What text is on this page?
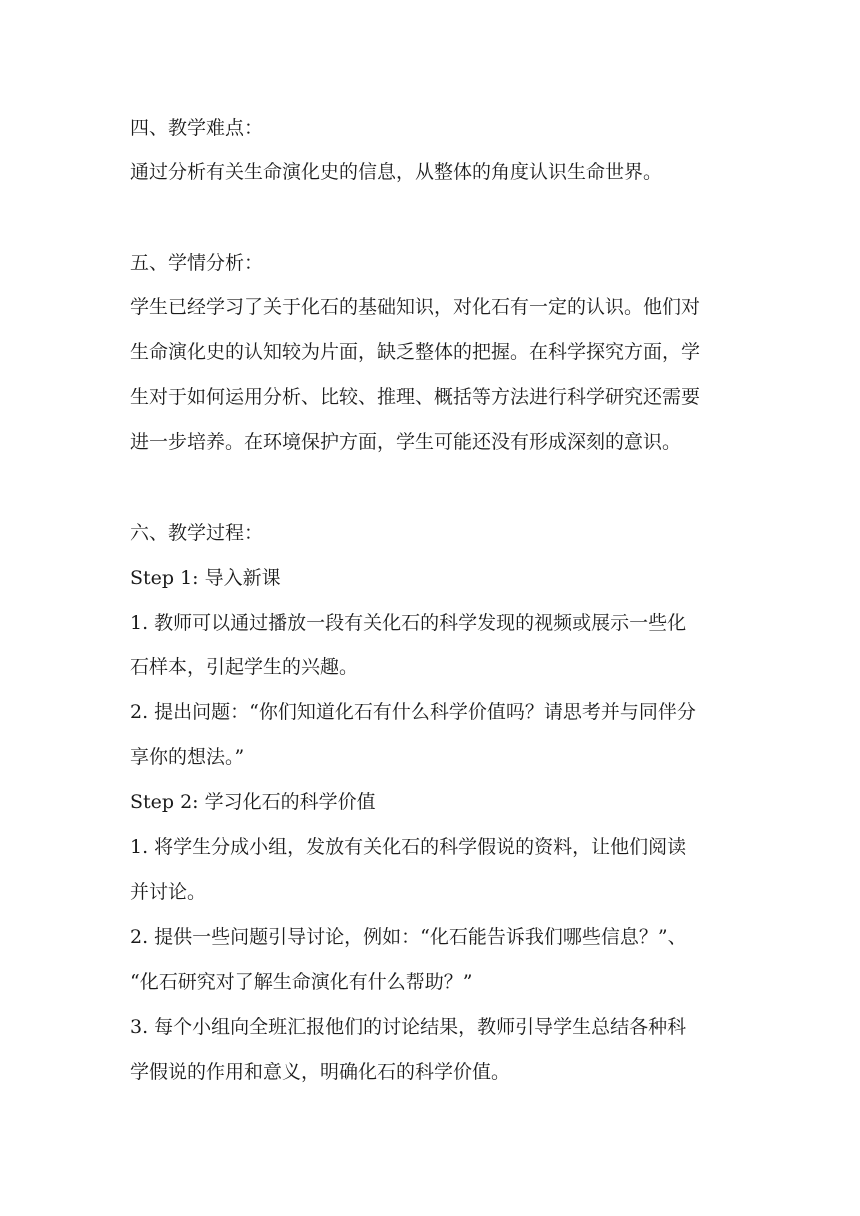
四、教学难点：
通过分析有关生命演化史的信息，从整体的角度认识生命世界。
五、学情分析：
学生已经学习了关于化石的基础知识，对化石有一定的认识。他们对
生命演化史的认知较为片面，缺乏整体的把握。在科学探究方面，学
生对于如何运用分析、比较、推理、概括等方法进行科学研究还需要
进一步培养。在环境保护方面，学生可能还没有形成深刻的意识。
六、教学过程：
Step 1: 导入新课
1. 教师可以通过播放一段有关化石的科学发现的视频或展示一些化
石样本，引起学生的兴趣。
2. 提出问题：“你们知道化石有什么科学价值吗？请思考并与同伴分
享你的想法。”
Step 2: 学习化石的科学价值
1. 将学生分成小组，发放有关化石的科学假说的资料，让他们阅读
并讨论。
2. 提供一些问题引导讨论，例如：“化石能告诉我们哪些信息？”、
“化石研究对了解生命演化有什么帮助？”
3. 每个小组向全班汇报他们的讨论结果，教师引导学生总结各种科
学假说的作用和意义，明确化石的科学价值。
